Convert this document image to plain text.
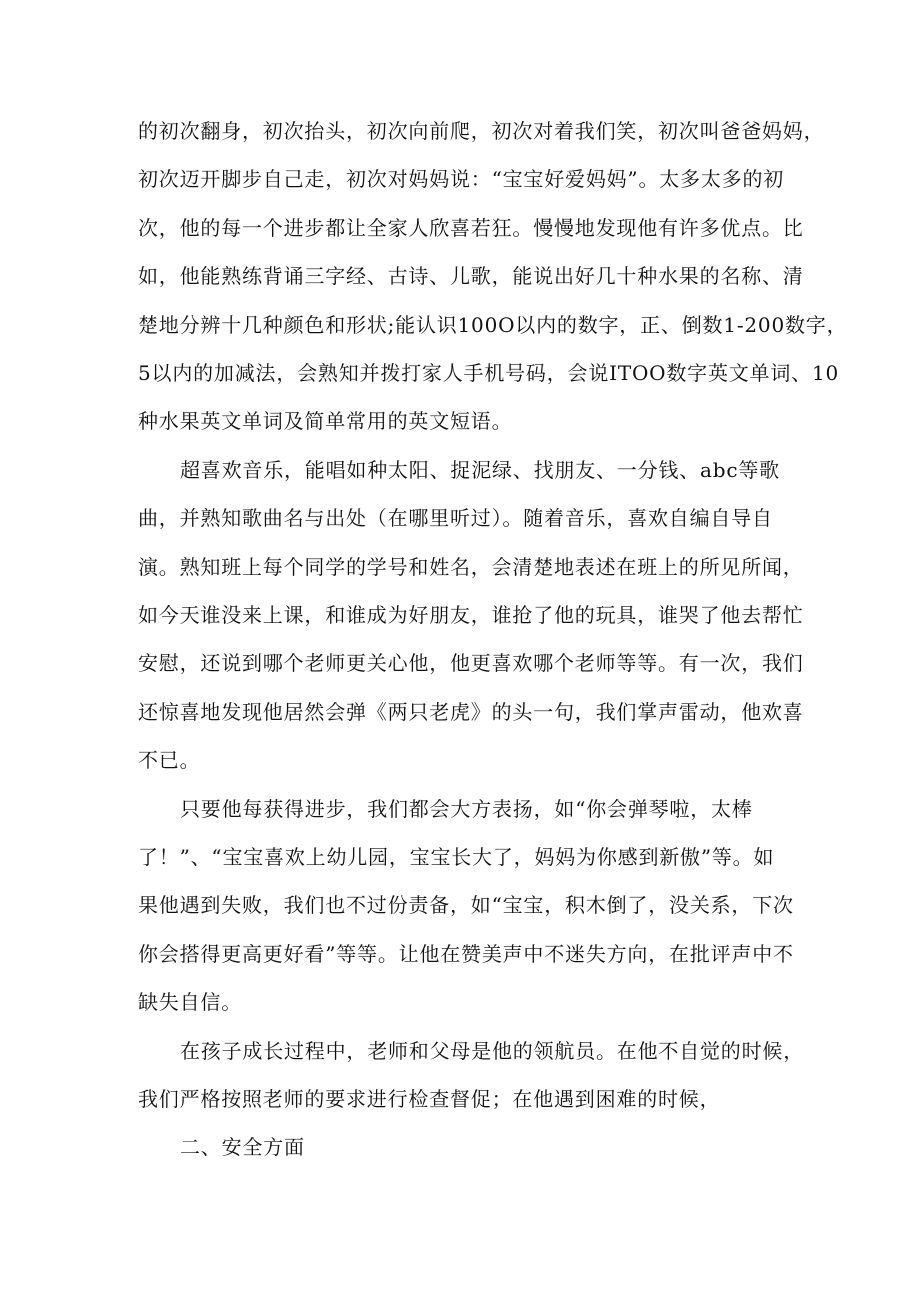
的初次翻身，初次抬头，初次向前爬，初次对着我们笑，初次叫爸爸妈妈，
初次迈开脚步自己走，初次对妈妈说：“宝宝好爱妈妈”。太多太多的初
次，他的每一个进步都让全家人欣喜若狂。慢慢地发现他有许多优点。比
如，他能熟练背诵三字经、古诗、儿歌，能说出好几十种水果的名称、清
楚地分辨十几种颜色和形状;能认识100O以内的数字，正、倒数1-200数字，
5以内的加减法，会熟知并拨打家人手机号码，会说ITOO数字英文单词、10
种水果英文单词及简单常用的英文短语。
超喜欢音乐，能唱如种太阳、捉泥绿、找朋友、一分钱、abc等歌
曲，并熟知歌曲名与出处（在哪里听过）。随着音乐，喜欢自编自导自
演。熟知班上每个同学的学号和姓名，会清楚地表述在班上的所见所闻，
如今天谁没来上课，和谁成为好朋友，谁抢了他的玩具，谁哭了他去帮忙
安慰，还说到哪个老师更关心他，他更喜欢哪个老师等等。有一次，我们
还惊喜地发现他居然会弹《两只老虎》的头一句，我们掌声雷动，他欢喜
不已。
只要他每获得进步，我们都会大方表扬，如“你会弹琴啦，太棒
了！”、“宝宝喜欢上幼儿园，宝宝长大了，妈妈为你感到新傲”等。如
果他遇到失败，我们也不过份责备，如“宝宝，积木倒了，没关系，下次
你会搭得更高更好看”等等。让他在赞美声中不迷失方向，在批评声中不
缺失自信。
在孩子成长过程中，老师和父母是他的领航员。在他不自觉的时候，
我们严格按照老师的要求进行检查督促；在他遇到困难的时候，
二、安全方面
